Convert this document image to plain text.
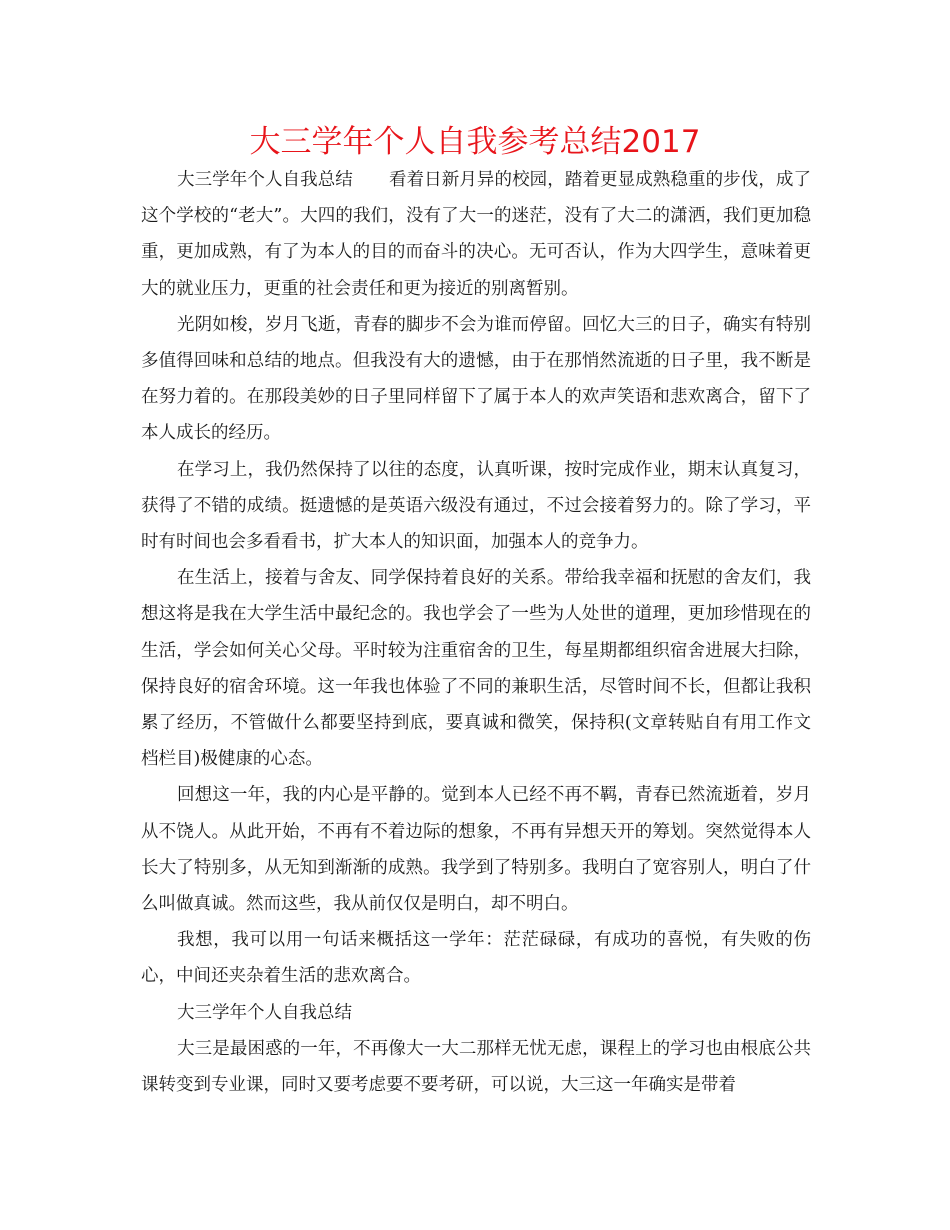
大三学年个人自我参考总结2017

大三学年个人自我总结 看着日新月异的校园，踏着更显成熟稳重的步伐，成了这个学校的“老大”。大四的我们，没有了大一的迷茫，没有了大二的潇洒，我们更加稳重，更加成熟，有了为本人的目的而奋斗的决心。无可否认，作为大四学生，意味着更大的就业压力，更重的社会责任和更为接近的别离暂别。

光阴如梭，岁月飞逝，青春的脚步不会为谁而停留。回忆大三的日子，确实有特别多值得回味和总结的地点。但我没有大的遗憾，由于在那悄然流逝的日子里，我不断是在努力着的。在那段美妙的日子里同样留下了属于本人的欢声笑语和悲欢离合，留下了本人成长的经历。

在学习上，我仍然保持了以往的态度，认真听课，按时完成作业，期末认真复习，获得了不错的成绩。挺遗憾的是英语六级没有通过，不过会接着努力的。除了学习，平时有时间也会多看看书，扩大本人的知识面，加强本人的竞争力。

在生活上，接着与舍友、同学保持着良好的关系。带给我幸福和抚慰的舍友们，我想这将是我在大学生活中最纪念的。我也学会了一些为人处世的道理，更加珍惜现在的生活，学会如何关心父母。平时较为注重宿舍的卫生，每星期都组织宿舍进展大扫除，保持良好的宿舍环境。这一年我也体验了不同的兼职生活，尽管时间不长，但都让我积累了经历，不管做什么都要坚持到底，要真诚和微笑，保持积(文章转贴自有用工作文档栏目)极健康的心态。

回想这一年，我的内心是平静的。觉到本人已经不再不羁，青春已然流逝着，岁月从不饶人。从此开始，不再有不着边际的想象，不再有异想天开的筹划。突然觉得本人长大了特别多，从无知到渐渐的成熟。我学到了特别多。我明白了宽容别人，明白了什么叫做真诚。然而这些，我从前仅仅是明白，却不明白。

我想，我可以用一句话来概括这一学年：茫茫碌碌，有成功的喜悦，有失败的伤心，中间还夹杂着生活的悲欢离合。

大三学年个人自我总结

大三是最困惑的一年，不再像大一大二那样无忧无虑，课程上的学习也由根底公共课转变到专业课，同时又要考虑要不要考研，可以说，大三这一年确实是带着
